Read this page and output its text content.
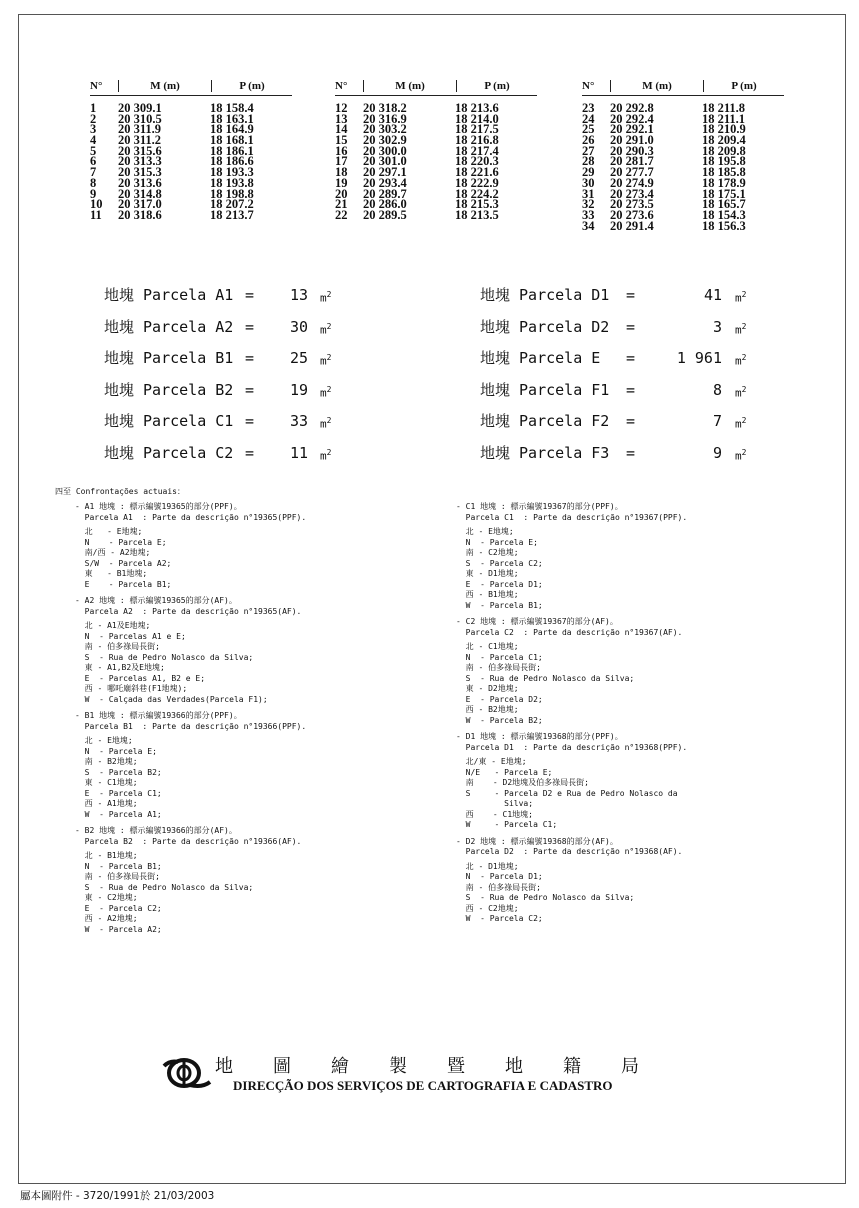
N°	M (m)	P (m)
1	20 309.1	18 158.4
2	20 310.5	18 163.1
3	20 311.9	18 164.9
4	20 311.2	18 168.1
5	20 315.6	18 186.1
6	20 313.3	18 186.6
7	20 315.3	18 193.3
8	20 313.6	18 193.8
9	20 314.8	18 198.8
10	20 317.0	18 207.2
11	20 318.6	18 213.7
N°	M (m)	P (m)
12	20 318.2	18 213.6
13	20 316.9	18 214.0
14	20 303.2	18 217.5
15	20 302.9	18 216.8
16	20 300.0	18 217.4
17	20 301.0	18 220.3
18	20 297.1	18 221.6
19	20 293.4	18 222.9
20	20 289.7	18 224.2
21	20 286.0	18 215.3
22	20 289.5	18 213.5
N°	M (m)	P (m)
23	20 292.8	18 211.8
24	20 292.4	18 211.1
25	20 292.1	18 210.9
26	20 291.0	18 209.4
27	20 290.3	18 209.8
28	20 281.7	18 195.8
29	20 277.7	18 185.8
30	20 274.9	18 178.9
31	20 273.4	18 175.1
32	20 273.5	18 165.7
33	20 273.6	18 154.3
34	20 291.4	18 156.3
地塊 Parcela A1 = 13 $m^2$
地塊 Parcela A2 = 30 $m^2$
地塊 Parcela B1 = 25 $m^2$
地塊 Parcela B2 = 19 $m^2$
地塊 Parcela C1 = 33 $m^2$
地塊 Parcela C2 = 11 $m^2$
地塊 Parcela D1 =	41 $m^2$
地塊 Parcela D2 =	3 $m^2$
地塊 Parcela E =	1 961 $m^2$
地塊 Parcela F1 =	8 $m^2$
地塊 Parcela F2 =	7 $m^2$
地塊 Parcela F3 =	9 $m^2$
四至 Confrontações actuais：
- A1 地塊 : 標示編號19365的部分(PPF)。
Parcela A1  : Parte da descrição n°19365(PPF).
北   - E地塊;
N    - Parcela E;
南/西 - A2地塊;
S/W  - Parcela A2;
東   - B1地塊;
E    - Parcela B1;
- A2 地塊 : 標示編號19365的部分(AF)。
Parcela A2  : Parte da descrição n°19365(AF).
北 - A1及E地塊;
N  - Parcelas A1 e E;
南 - 伯多祿局長街;
S  - Rua de Pedro Nolasco da Silva;
東 - A1,B2及E地塊;
E  - Parcelas A1, B2 e E;
西 - 哪吒廟斜巷(F1地塊);
W  - Calçada das Verdades(Parcela F1);
- B1 地塊 : 標示編號19366的部分(PPF)。
Parcela B1  : Parte da descrição n°19366(PPF).
北 - E地塊;
N  - Parcela E;
南 - B2地塊;
S  - Parcela B2;
東 - C1地塊;
E  - Parcela C1;
西 - A1地塊;
W  - Parcela A1;
- B2 地塊 : 標示編號19366的部分(AF)。
Parcela B2  : Parte da descrição n°19366(AF).
北 - B1地塊;
N  - Parcela B1;
南 - 伯多祿局長街;
S  - Rua de Pedro Nolasco da Silva;
東 - C2地塊;
E  - Parcela C2;
西 - A2地塊;
W  - Parcela A2;
- C1 地塊 : 標示編號19367的部分(PPF)。
Parcela C1  : Parte da descrição n°19367(PPF).
北 - E地塊;
N  - Parcela E;
南 - C2地塊;
S  - Parcela C2;
東 - D1地塊;
E  - Parcela D1;
西 - B1地塊;
W  - Parcela B1;
- C2 地塊 : 標示編號19367的部分(AF)。
Parcela C2  : Parte da descrição n°19367(AF).
北 - C1地塊;
N  - Parcela C1;
南 - 伯多祿局長街;
S  - Rua de Pedro Nolasco da Silva;
東 - D2地塊;
E  - Parcela D2;
西 - B2地塊;
W  - Parcela B2;
- D1 地塊 : 標示編號19368的部分(PPF)。
Parcela D1  : Parte da descrição n°19368(PPF).
北/東 - E地塊;
N/E   - Parcela E;
南    - D2地塊及伯多祿局長街;
S     - Parcela D2 e Rua de Pedro Nolasco da
Silva;
西    - C1地塊;
W     - Parcela C1;
- D2 地塊 : 標示編號19368的部分(AF)。
Parcela D2  : Parte da descrição n°19368(AF).
北 - D1地塊;
N  - Parcela D1;
南 - 伯多祿局長街;
S  - Rua de Pedro Nolasco da Silva;
西 - C2地塊;
W  - Parcela C2;
地圖繪製暨地籍局
DIRECÇÃO DOS SERVIÇOS DE CARTOGRAFIA E CADASTRO
屬本圖附件 - 3720/1991於 21/03/2003
